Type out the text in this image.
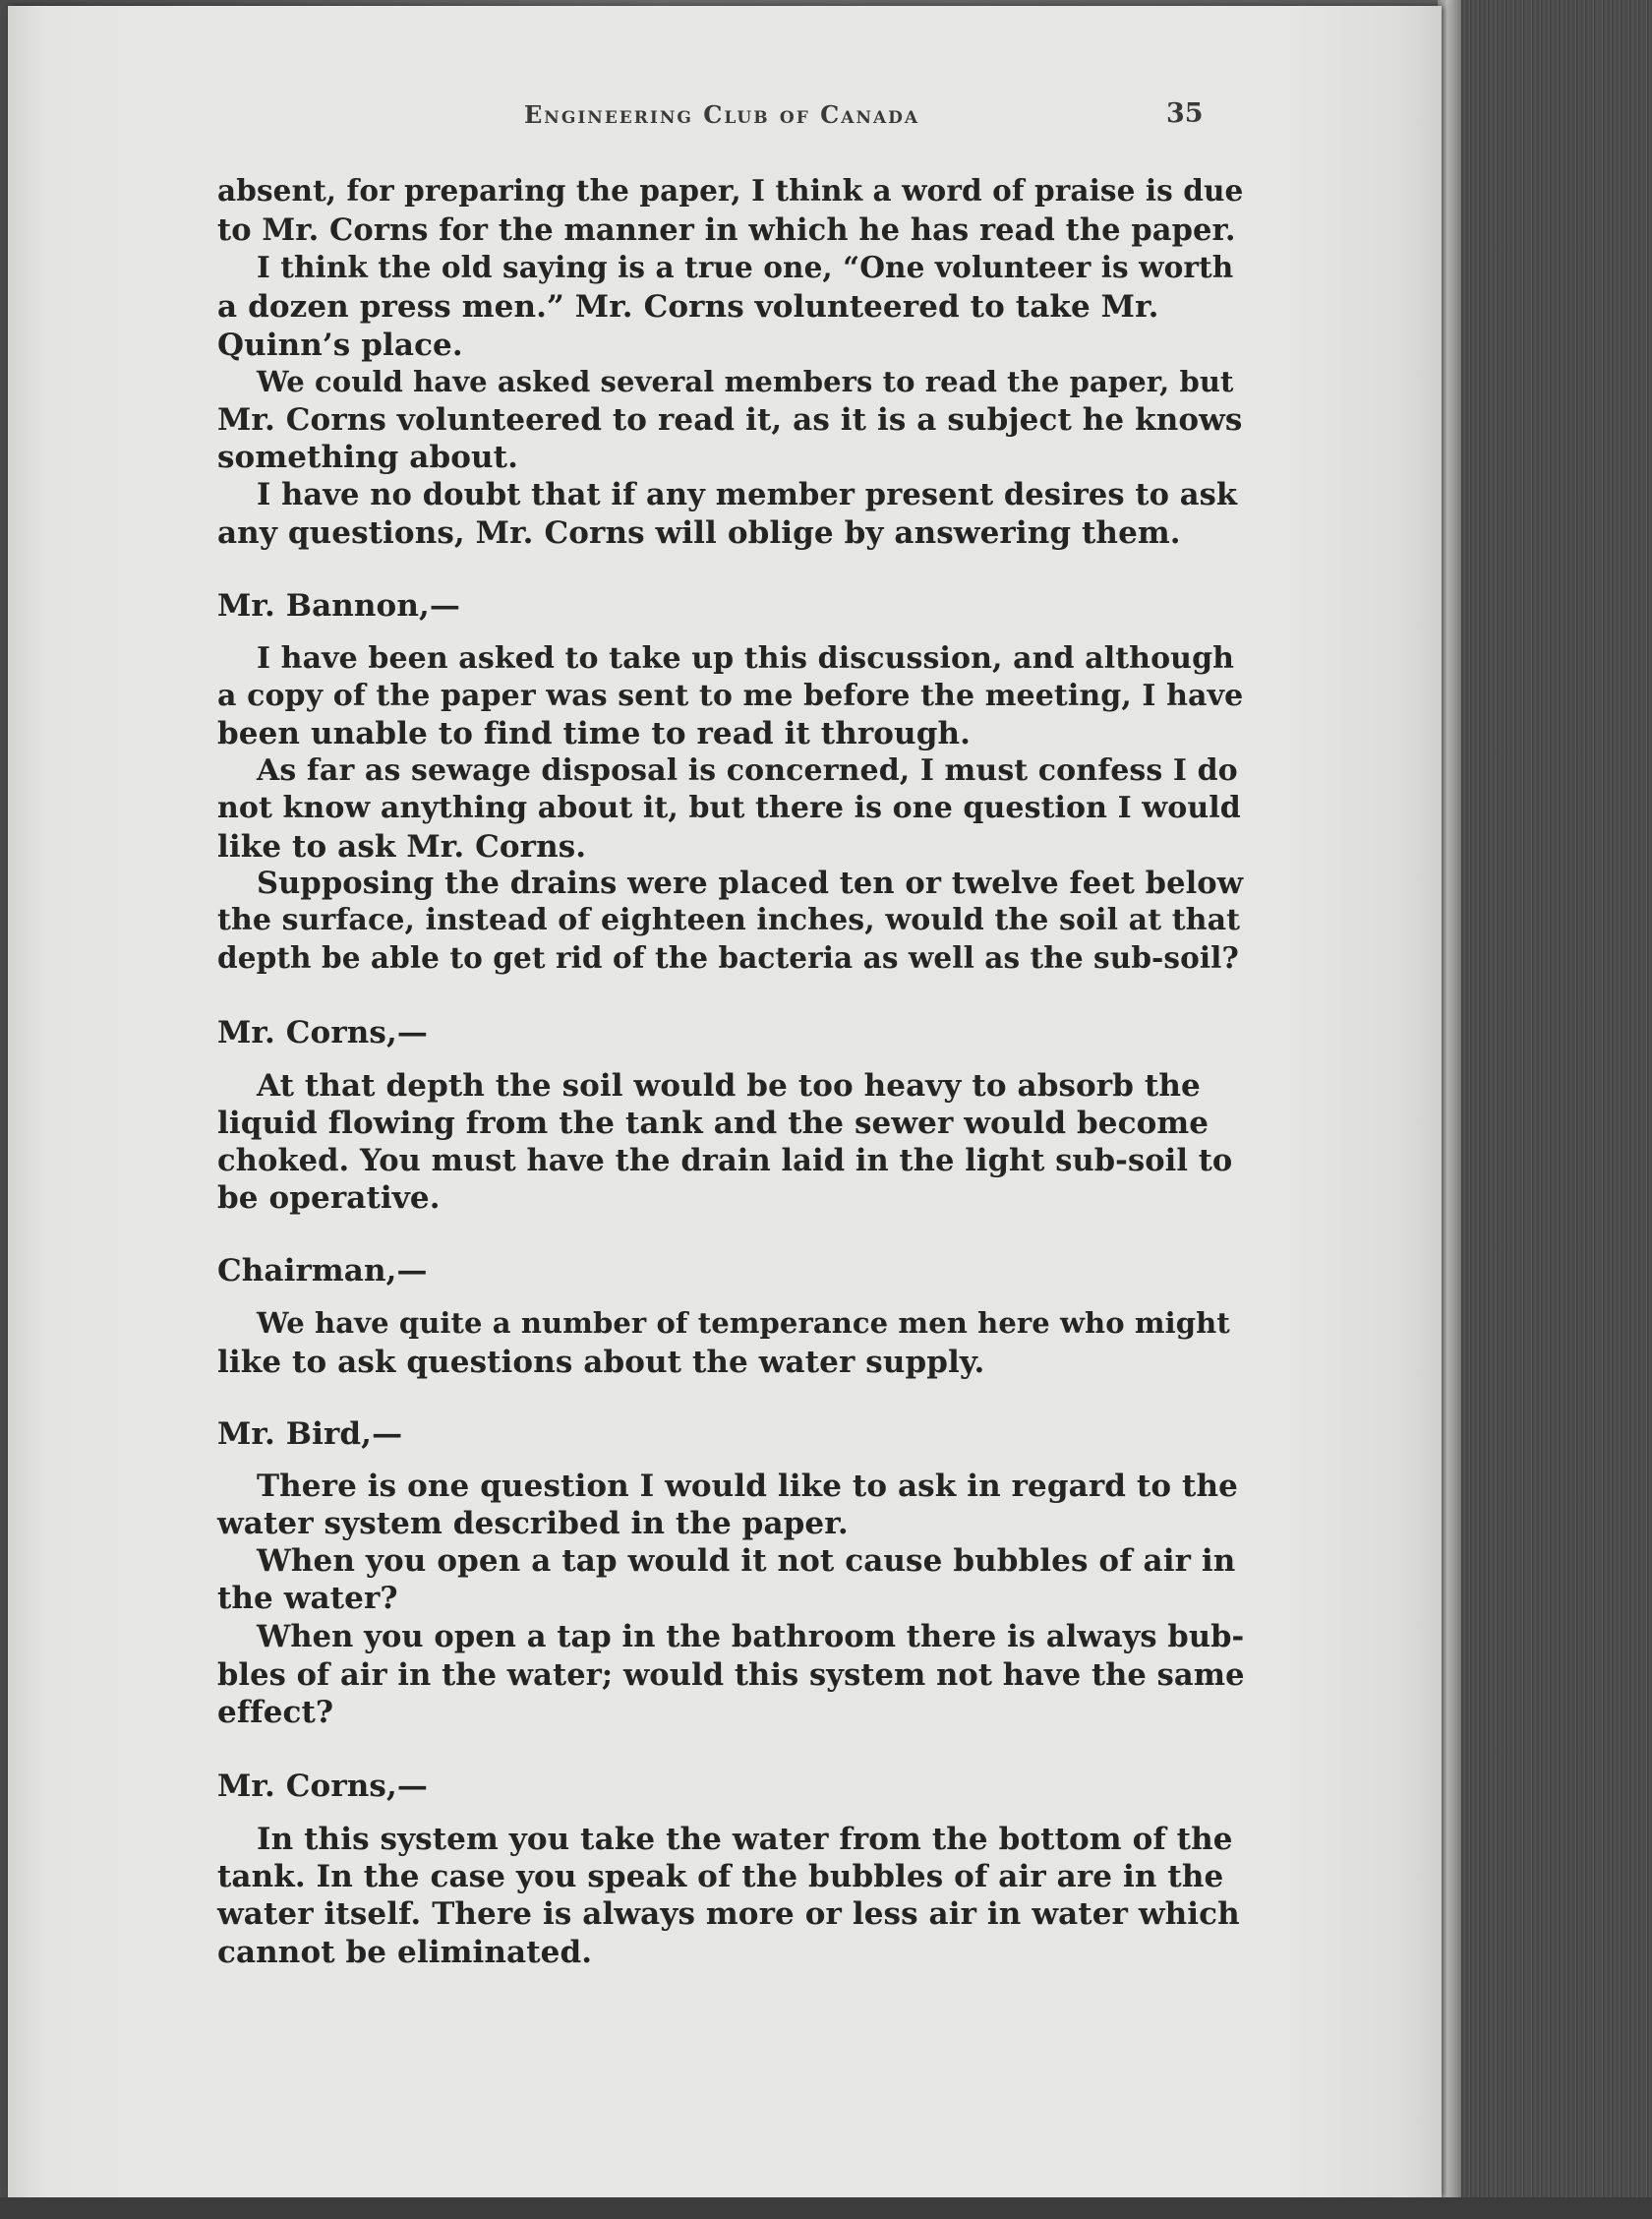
Engineering Club of Canada	35
absent, for preparing the paper, I think a word of praise is due
to Mr. Corns for the manner in which he has read the paper.
I think the old saying is a true one, “One volunteer is worth
a dozen press men.” Mr. Corns volunteered to take Mr.
Quinn’s place.
We could have asked several members to read the paper, but
Mr. Corns volunteered to read it, as it is a subject he knows
something about.
I have no doubt that if any member present desires to ask
any questions, Mr. Corns will oblige by answering them.
Mr. Bannon,—
I have been asked to take up this discussion, and although
a copy of the paper was sent to me before the meeting, I have
been unable to find time to read it through.
As far as sewage disposal is concerned, I must confess I do
not know anything about it, but there is one question I would
like to ask Mr. Corns.
Supposing the drains were placed ten or twelve feet below
the surface, instead of eighteen inches, would the soil at that
depth be able to get rid of the bacteria as well as the sub-soil?
Mr. Corns,—
At that depth the soil would be too heavy to absorb the
liquid flowing from the tank and the sewer would become
choked. You must have the drain laid in the light sub-soil to
be operative.
Chairman,—
We have quite a number of temperance men here who might
like to ask questions about the water supply.
Mr. Bird,—
There is one question I would like to ask in regard to the
water system described in the paper.
When you open a tap would it not cause bubbles of air in
the water?
When you open a tap in the bathroom there is always bub-
bles of air in the water; would this system not have the same
effect?
Mr. Corns,—
In this system you take the water from the bottom of the
tank. In the case you speak of the bubbles of air are in the
water itself. There is always more or less air in water which
cannot be eliminated.
